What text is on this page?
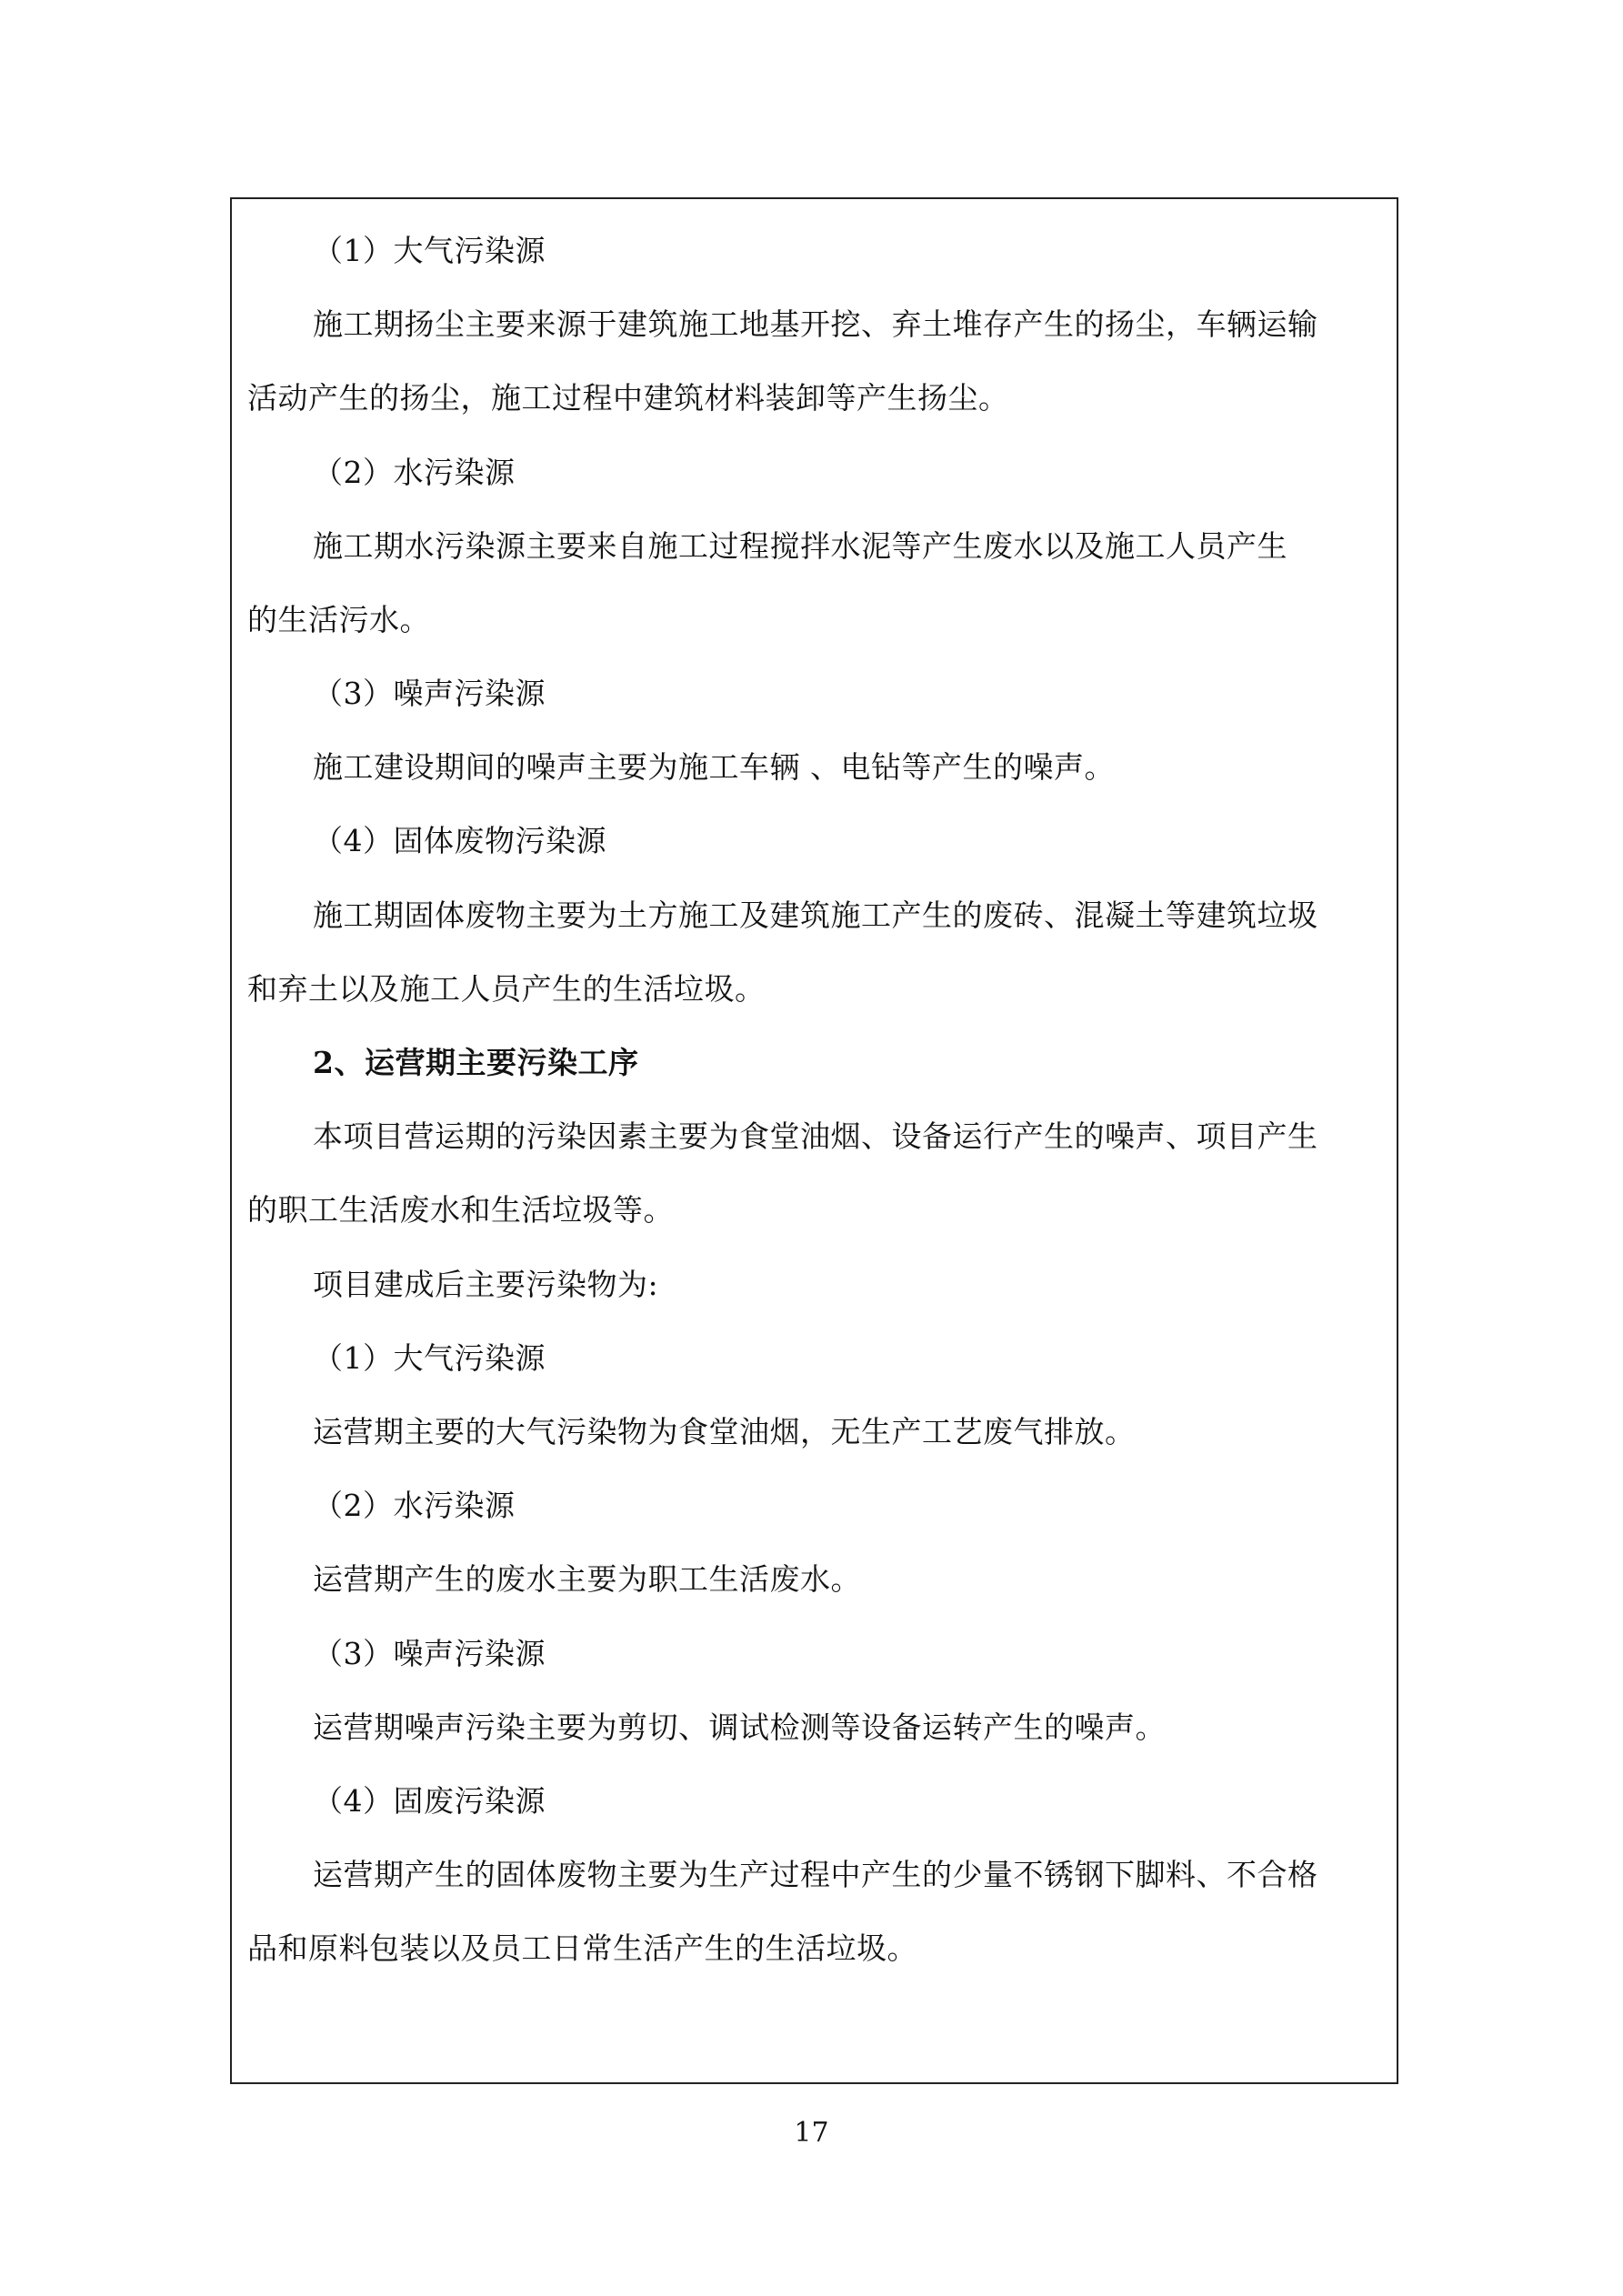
（1）大气污染源
施工期扬尘主要来源于建筑施工地基开挖、弃土堆存产生的扬尘，车辆运输
活动产生的扬尘，施工过程中建筑材料装卸等产生扬尘。
（2）水污染源
施工期水污染源主要来自施工过程搅拌水泥等产生废水以及施工人员产生
的生活污水。
（3）噪声污染源
施工建设期间的噪声主要为施工车辆 、电钻等产生的噪声。
（4）固体废物污染源
施工期固体废物主要为土方施工及建筑施工产生的废砖、混凝土等建筑垃圾
和弃土以及施工人员产生的生活垃圾。
2、运营期主要污染工序
本项目营运期的污染因素主要为食堂油烟、设备运行产生的噪声、项目产生
的职工生活废水和生活垃圾等。
项目建成后主要污染物为:
（1）大气污染源
运营期主要的大气污染物为食堂油烟，无生产工艺废气排放。
（2）水污染源
运营期产生的废水主要为职工生活废水。
（3）噪声污染源
运营期噪声污染主要为剪切、调试检测等设备运转产生的噪声。
（4）固废污染源
运营期产生的固体废物主要为生产过程中产生的少量不锈钢下脚料、不合格
品和原料包装以及员工日常生活产生的生活垃圾。
17
